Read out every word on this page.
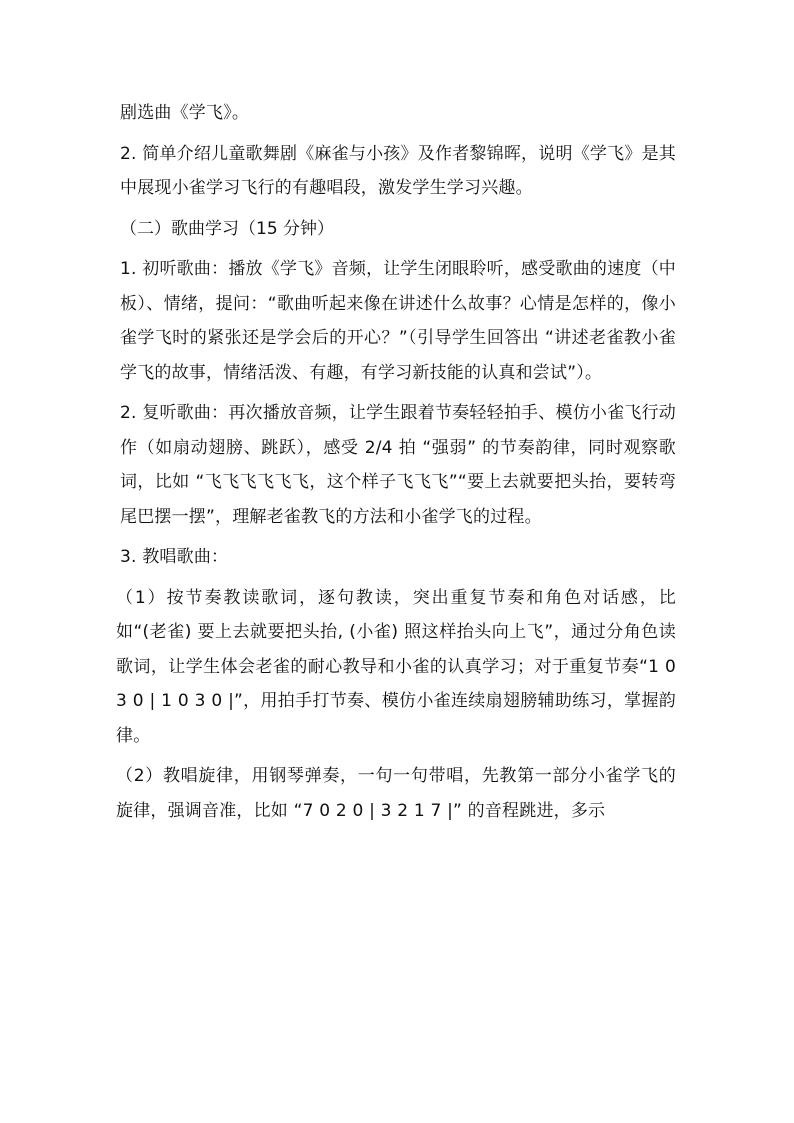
剧选曲《学飞》。

2. 简单介绍儿童歌舞剧《麻雀与小孩》及作者黎锦晖，说明《学飞》是其中展现小雀学习飞行的有趣唱段，激发学生学习兴趣。

（二）歌曲学习（15 分钟）

1. 初听歌曲：播放《学飞》音频，让学生闭眼聆听，感受歌曲的速度（中板）、情绪，提问：“歌曲听起来像在讲述什么故事？心情是怎样的，像小雀学飞时的紧张还是学会后的开心？”（引导学生回答出 “讲述老雀教小雀学飞的故事，情绪活泼、有趣，有学习新技能的认真和尝试”）。

2. 复听歌曲：再次播放音频，让学生跟着节奏轻轻拍手、模仿小雀飞行动作（如扇动翅膀、跳跃），感受 2/4 拍 “强弱” 的节奏韵律，同时观察歌词，比如 “飞飞飞飞飞飞，这个样子飞飞飞”“要上去就要把头抬，要转弯尾巴摆一摆”，理解老雀教飞的方法和小雀学飞的过程。

3. 教唱歌曲：

（1）按节奏教读歌词，逐句教读，突出重复节奏和角色对话感，比如“(老雀) 要上去就要把头抬, (小雀) 照这样抬头向上飞”，通过分角色读歌词，让学生体会老雀的耐心教导和小雀的认真学习；对于重复节奏“1 0 3 0 | 1 0 3 0 |”，用拍手打节奏、模仿小雀连续扇翅膀辅助练习，掌握韵律。

（2）教唱旋律，用钢琴弹奏，一句一句带唱，先教第一部分小雀学飞的旋律，强调音准，比如 “7 0 2 0 | 3 2 1 7 |” 的音程跳进，多示
